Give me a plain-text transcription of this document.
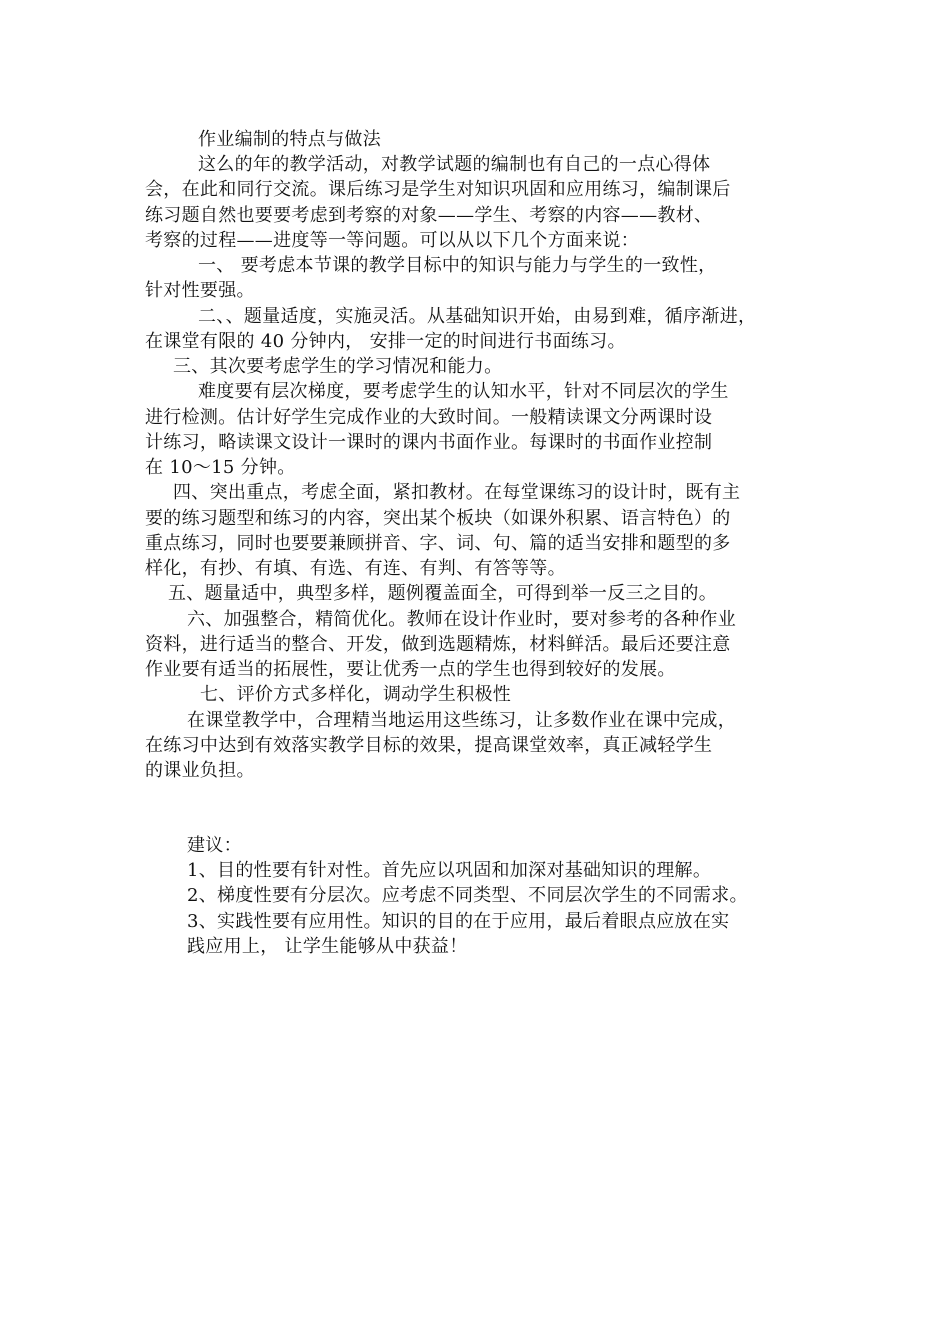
作业编制的特点与做法
这么的年的教学活动，对教学试题的编制也有自己的一点心得体
会，在此和同行交流。课后练习是学生对知识巩固和应用练习，编制课后
练习题自然也要要考虑到考察的对象——学生、考察的内容——教材、
考察的过程——进度等一等问题。可以从以下几个方面来说：
一、 要考虑本节课的教学目标中的知识与能力与学生的一致性，
针对性要强。
二、、题量适度，实施灵活。从基础知识开始，由易到难，循序渐进，
在课堂有限的 40 分钟内， 安排一定的时间进行书面练习。
三、其次要考虑学生的学习情况和能力。
难度要有层次梯度，要考虑学生的认知水平，针对不同层次的学生
进行检测。估计好学生完成作业的大致时间。一般精读课文分两课时设
计练习，略读课文设计一课时的课内书面作业。每课时的书面作业控制
在 10～15 分钟。
四、突出重点，考虑全面，紧扣教材。在每堂课练习的设计时，既有主
要的练习题型和练习的内容，突出某个板块（如课外积累、语言特色）的
重点练习，同时也要要兼顾拼音、字、词、句、篇的适当安排和题型的多
样化，有抄、有填、有选、有连、有判、有答等等。
五、题量适中，典型多样，题例覆盖面全，可得到举一反三之目的。
六、加强整合，精简优化。教师在设计作业时，要对参考的各种作业
资料，进行适当的整合、开发，做到选题精炼，材料鲜活。最后还要注意
作业要有适当的拓展性，要让优秀一点的学生也得到较好的发展。
七、评价方式多样化，调动学生积极性
在课堂教学中，合理精当地运用这些练习，让多数作业在课中完成，
在练习中达到有效落实教学目标的效果，提高课堂效率，真正减轻学生
的课业负担。
建议：
1、目的性要有针对性。首先应以巩固和加深对基础知识的理解。
2、梯度性要有分层次。应考虑不同类型、不同层次学生的不同需求。
3、实践性要有应用性。知识的目的在于应用，最后着眼点应放在实
践应用上， 让学生能够从中获益！
